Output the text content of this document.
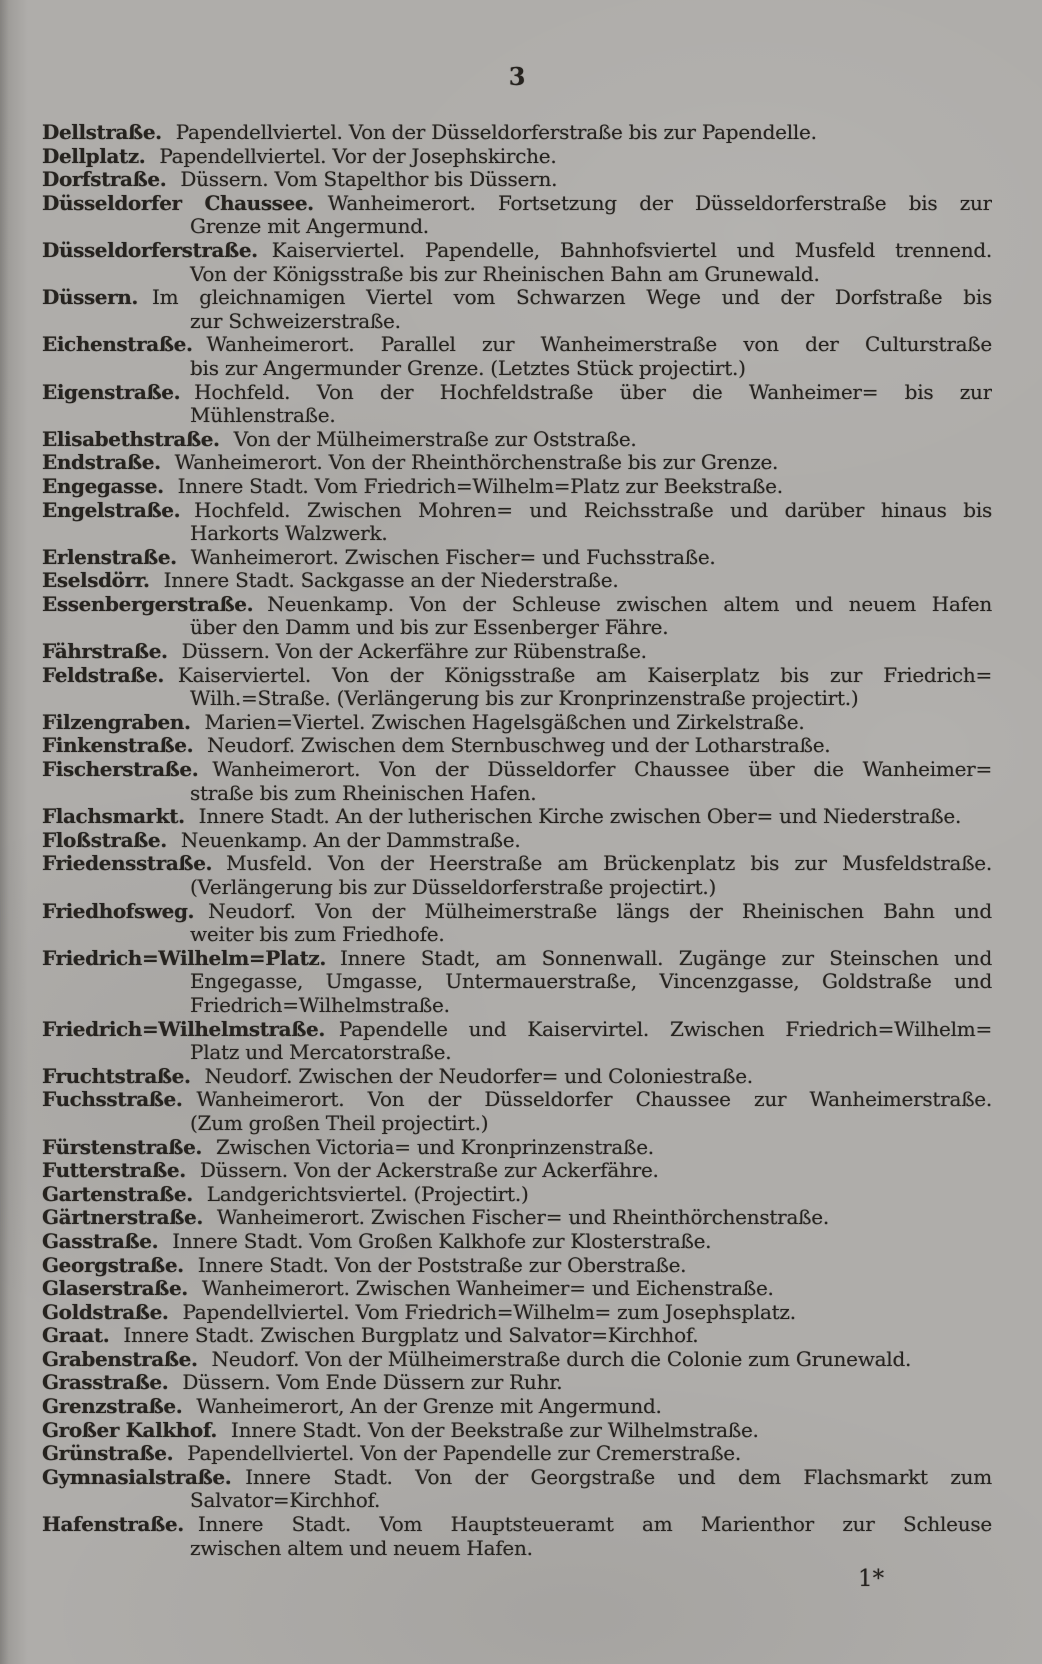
3
Dellstraße. Papendellviertel. Von der Düsseldorferstraße bis zur Papendelle.
Dellplatz. Papendellviertel. Vor der Josephskirche.
Dorfstraße. Düssern. Vom Stapelthor bis Düssern.
Düsseldorfer Chaussee. Wanheimerort. Fortsetzung der Düsseldorferstraße bis zur
Grenze mit Angermund.
Düsseldorferstraße. Kaiserviertel. Papendelle, Bahnhofsviertel und Musfeld trennend.
Von der Königsstraße bis zur Rheinischen Bahn am Grunewald.
Düssern. Im gleichnamigen Viertel vom Schwarzen Wege und der Dorfstraße bis
zur Schweizerstraße.
Eichenstraße. Wanheimerort. Parallel zur Wanheimerstraße von der Culturstraße
bis zur Angermunder Grenze. (Letztes Stück projectirt.)
Eigenstraße. Hochfeld. Von der Hochfeldstraße über die Wanheimer= bis zur
Mühlenstraße.
Elisabethstraße. Von der Mülheimerstraße zur Oststraße.
Endstraße. Wanheimerort. Von der Rheinthörchenstraße bis zur Grenze.
Engegasse. Innere Stadt. Vom Friedrich=Wilhelm=Platz zur Beekstraße.
Engelstraße. Hochfeld. Zwischen Mohren= und Reichsstraße und darüber hinaus bis
Harkorts Walzwerk.
Erlenstraße. Wanheimerort. Zwischen Fischer= und Fuchsstraße.
Eselsdörr. Innere Stadt. Sackgasse an der Niederstraße.
Essenbergerstraße. Neuenkamp. Von der Schleuse zwischen altem und neuem Hafen
über den Damm und bis zur Essenberger Fähre.
Fährstraße. Düssern. Von der Ackerfähre zur Rübenstraße.
Feldstraße. Kaiserviertel. Von der Königsstraße am Kaiserplatz bis zur Friedrich=
Wilh.=Straße. (Verlängerung bis zur Kronprinzenstraße projectirt.)
Filzengraben. Marien=Viertel. Zwischen Hagelsgäßchen und Zirkelstraße.
Finkenstraße. Neudorf. Zwischen dem Sternbuschweg und der Lotharstraße.
Fischerstraße. Wanheimerort. Von der Düsseldorfer Chaussee über die Wanheimer=
straße bis zum Rheinischen Hafen.
Flachsmarkt. Innere Stadt. An der lutherischen Kirche zwischen Ober= und Niederstraße.
Floßstraße. Neuenkamp. An der Dammstraße.
Friedensstraße. Musfeld. Von der Heerstraße am Brückenplatz bis zur Musfeldstraße.
(Verlängerung bis zur Düsseldorferstraße projectirt.)
Friedhofsweg. Neudorf. Von der Mülheimerstraße längs der Rheinischen Bahn und
weiter bis zum Friedhofe.
Friedrich=Wilhelm=Platz. Innere Stadt, am Sonnenwall. Zugänge zur Steinschen und
Engegasse, Umgasse, Untermauerstraße, Vincenzgasse, Goldstraße und
Friedrich=Wilhelmstraße.
Friedrich=Wilhelmstraße. Papendelle und Kaiservirtel. Zwischen Friedrich=Wilhelm=
Platz und Mercatorstraße.
Fruchtstraße. Neudorf. Zwischen der Neudorfer= und Coloniestraße.
Fuchsstraße. Wanheimerort. Von der Düsseldorfer Chaussee zur Wanheimerstraße.
(Zum großen Theil projectirt.)
Fürstenstraße. Zwischen Victoria= und Kronprinzenstraße.
Futterstraße. Düssern. Von der Ackerstraße zur Ackerfähre.
Gartenstraße. Landgerichtsviertel. (Projectirt.)
Gärtnerstraße. Wanheimerort. Zwischen Fischer= und Rheinthörchenstraße.
Gasstraße. Innere Stadt. Vom Großen Kalkhofe zur Klosterstraße.
Georgstraße. Innere Stadt. Von der Poststraße zur Oberstraße.
Glaserstraße. Wanheimerort. Zwischen Wanheimer= und Eichenstraße.
Goldstraße. Papendellviertel. Vom Friedrich=Wilhelm= zum Josephsplatz.
Graat. Innere Stadt. Zwischen Burgplatz und Salvator=Kirchhof.
Grabenstraße. Neudorf. Von der Mülheimerstraße durch die Colonie zum Grunewald.
Grasstraße. Düssern. Vom Ende Düssern zur Ruhr.
Grenzstraße. Wanheimerort, An der Grenze mit Angermund.
Großer Kalkhof. Innere Stadt. Von der Beekstraße zur Wilhelmstraße.
Grünstraße. Papendellviertel. Von der Papendelle zur Cremerstraße.
Gymnasialstraße. Innere Stadt. Von der Georgstraße und dem Flachsmarkt zum
Salvator=Kirchhof.
Hafenstraße. Innere Stadt. Vom Hauptsteueramt am Marienthor zur Schleuse
zwischen altem und neuem Hafen.
1*
